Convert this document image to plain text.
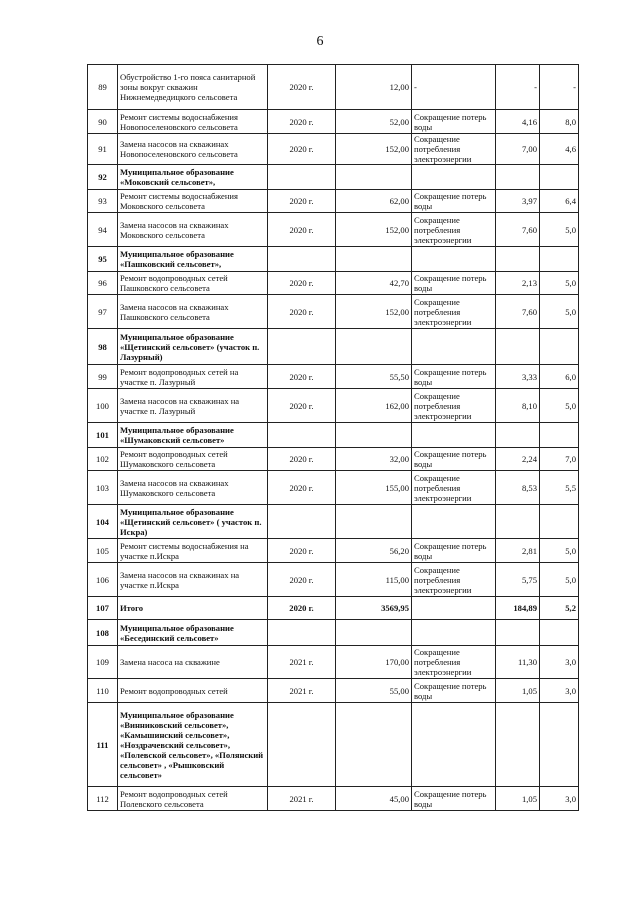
6
89	Обустройство 1-го пояса санитарной зоны вокруг скважин Нижнемедведицкого сельсовета	2020 г.	12,00	-	-	-
90	Ремонт системы водоснабжения Новопоселеновского сельсовета	2020 г.	52,00	Сокращение потерь воды	4,16	8,0
91	Замена насосов на скважинах Новопоселеновского сельсовета	2020 г.	152,00	Сокращение потребления электроэнергии	7,00	4,6
92	Муниципальное образование «Моковский сельсовет»,					
93	Ремонт системы водоснабжения Моковского сельсовета	2020 г.	62,00	Сокращение потерь воды	3,97	6,4
94	Замена насосов на скважинах Моковского сельсовета	2020 г.	152,00	Сокращение потребления электроэнергии	7,60	5,0
95	Муниципальное образование «Пашковский сельсовет»,					
96	Ремонт водопроводных сетей Пашковского сельсовета	2020 г.	42,70	Сокращение потерь воды	2,13	5,0
97	Замена насосов на скважинах Пашковского сельсовета	2020 г.	152,00	Сокращение потребления электроэнергии	7,60	5,0
98	Муниципальное образование «Щетинский сельсовет» (участок п. Лазурный)					
99	Ремонт водопроводных сетей на участке п. Лазурный	2020 г.	55,50	Сокращение потерь воды	3,33	6,0
100	Замена насосов на скважинах на участке п. Лазурный	2020 г.	162,00	Сокращение потребления электроэнергии	8,10	5,0
101	Муниципальное образование «Шумаковский сельсовет»					
102	Ремонт водопроводных сетей Шумаковского сельсовета	2020 г.	32,00	Сокращение потерь воды	2,24	7,0
103	Замена насосов на скважинах Шумаковского сельсовета	2020 г.	155,00	Сокращение потребления электроэнергии	8,53	5,5
104	Муниципальное образование «Щетинский сельсовет» ( участок п. Искра)					
105	Ремонт системы водоснабжения на участке п.Искра	2020 г.	56,20	Сокращение потерь воды	2,81	5,0
106	Замена насосов на скважинах на участке п.Искра	2020 г.	115,00	Сокращение потребления электроэнергии	5,75	5,0
107	Итого	2020 г.	3569,95		184,89	5,2
108	Муниципальное образование «Бесединский сельсовет»					
109	Замена насоса на скважине	2021 г.	170,00	Сокращение потребления электроэнергии	11,30	3,0
110	Ремонт водопроводных сетей	2021 г.	55,00	Сокращение потерь воды	1,05	3,0
111	Муниципальное образование «Винниковский сельсовет», «Камышинский сельсовет», «Ноздрачевский сельсовет», «Полевской сельсовет», «Полянский сельсовет» , «Рышковский сельсовет»					
112	Ремонт водопроводных сетей Полевского сельсовета	2021 г.	45,00	Сокращение потерь воды	1,05	3,0
